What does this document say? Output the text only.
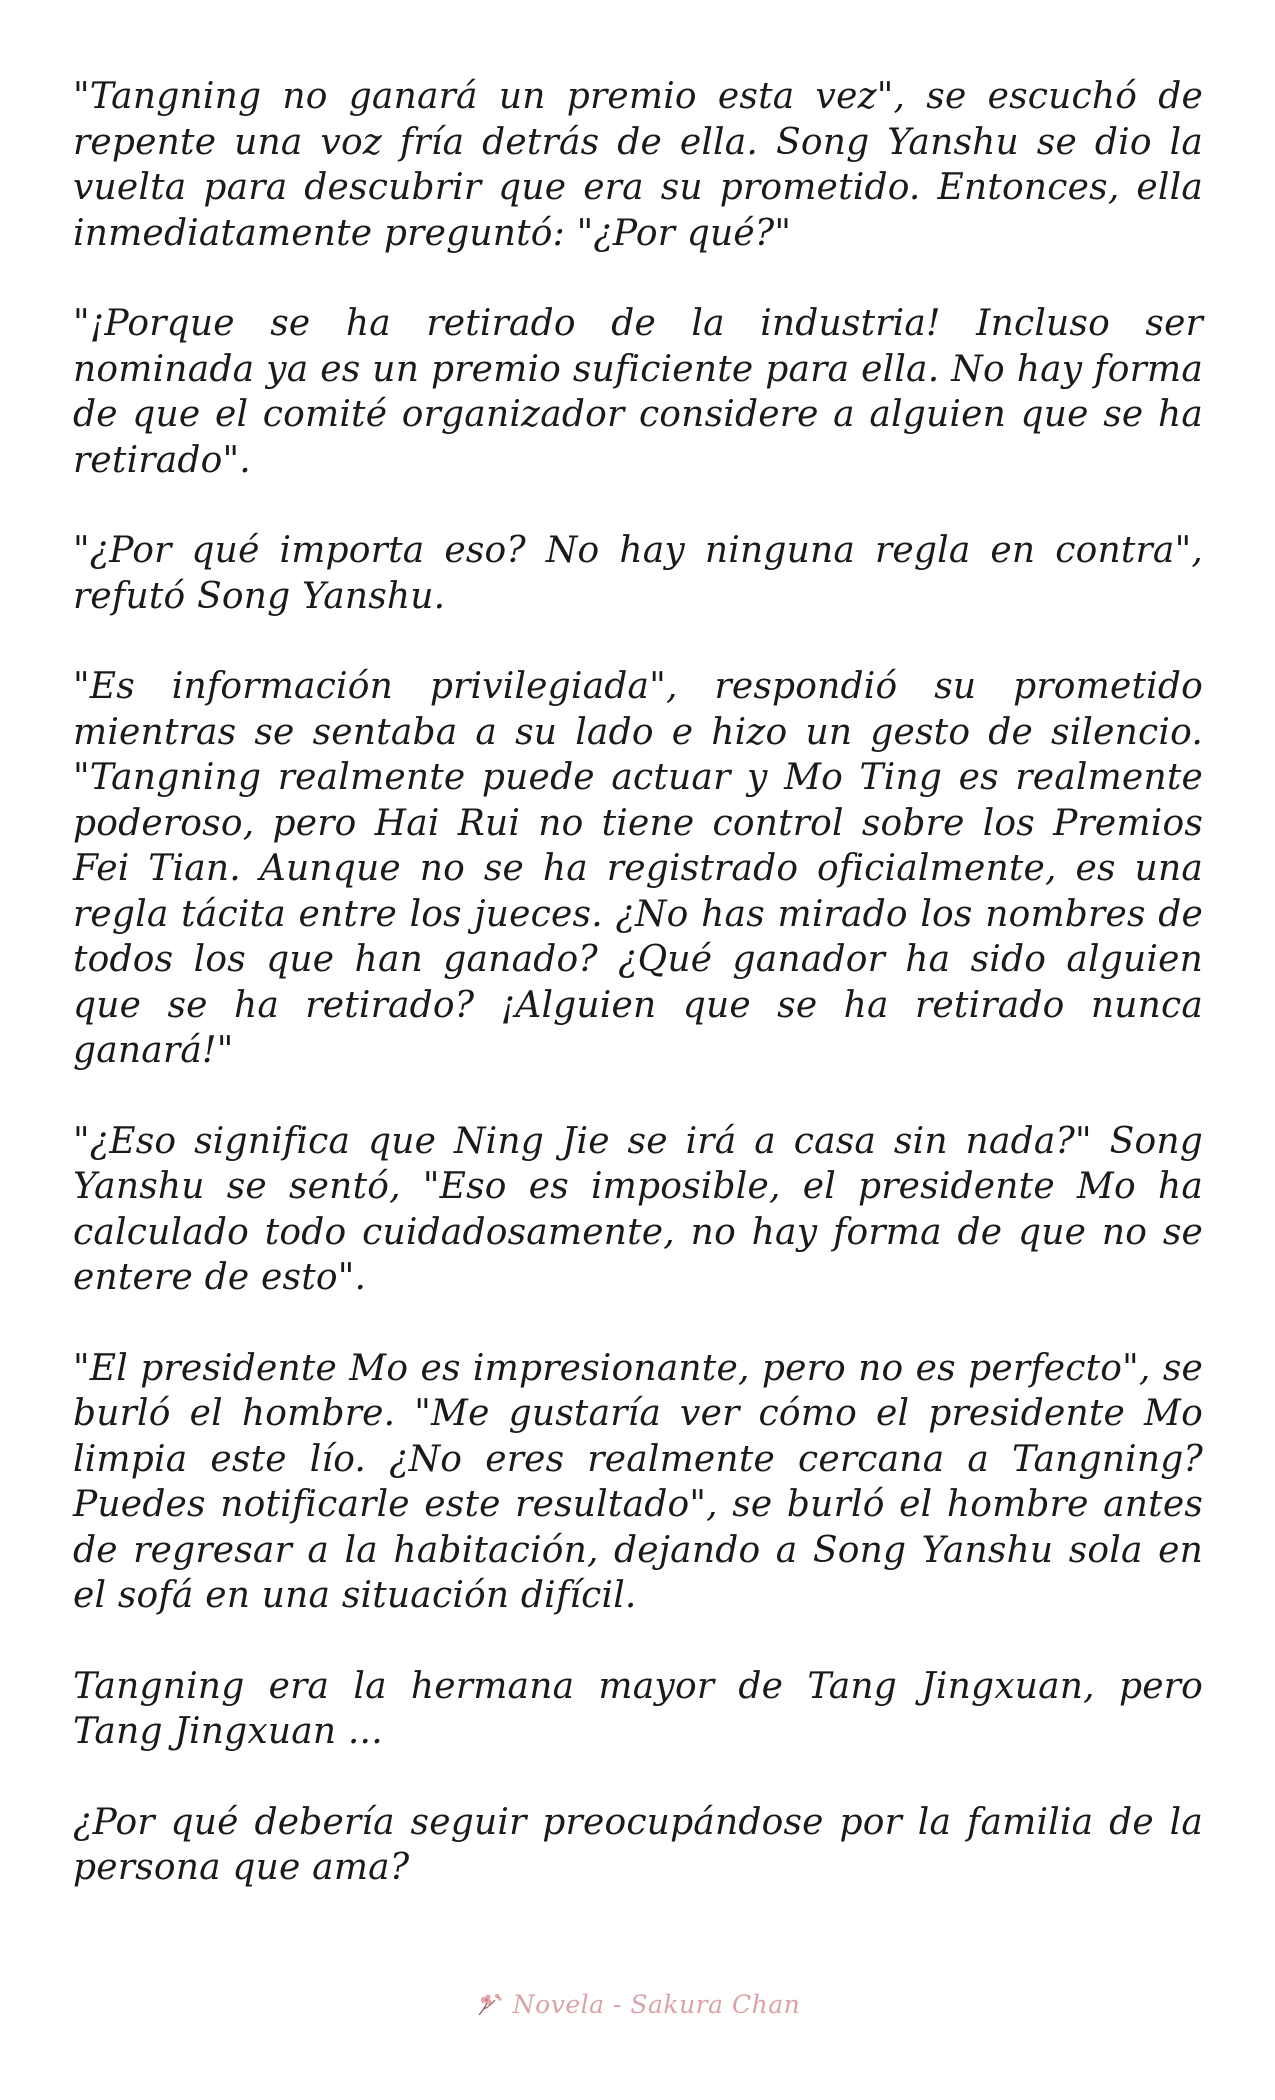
"Tangning no ganará un premio esta vez", se escuchó de repente una voz fría detrás de ella. Song Yanshu se dio la vuelta para descubrir que era su prometido. Entonces, ella inmediatamente preguntó: "¿Por qué?"

"¡Porque se ha retirado de la industria! Incluso ser nominada ya es un premio suficiente para ella. No hay forma de que el comité organizador considere a alguien que se ha retirado".

"¿Por qué importa eso? No hay ninguna regla en contra", refutó Song Yanshu.

"Es información privilegiada", respondió su prometido mientras se sentaba a su lado e hizo un gesto de silencio. "Tangning realmente puede actuar y Mo Ting es realmente poderoso, pero Hai Rui no tiene control sobre los Premios Fei Tian. Aunque no se ha registrado oficialmente, es una regla tácita entre los jueces. ¿No has mirado los nombres de todos los que han ganado? ¿Qué ganador ha sido alguien que se ha retirado? ¡Alguien que se ha retirado nunca ganará!"

"¿Eso significa que Ning Jie se irá a casa sin nada?" Song Yanshu se sentó, "Eso es imposible, el presidente Mo ha calculado todo cuidadosamente, no hay forma de que no se entere de esto".

"El presidente Mo es impresionante, pero no es perfecto", se burló el hombre. "Me gustaría ver cómo el presidente Mo limpia este lío. ¿No eres realmente cercana a Tangning? Puedes notificarle este resultado", se burló el hombre antes de regresar a la habitación, dejando a Song Yanshu sola en el sofá en una situación difícil.

Tangning era la hermana mayor de Tang Jingxuan, pero Tang Jingxuan ...

¿Por qué debería seguir preocupándose por la familia de la persona que ama?

Novela - Sakura Chan
